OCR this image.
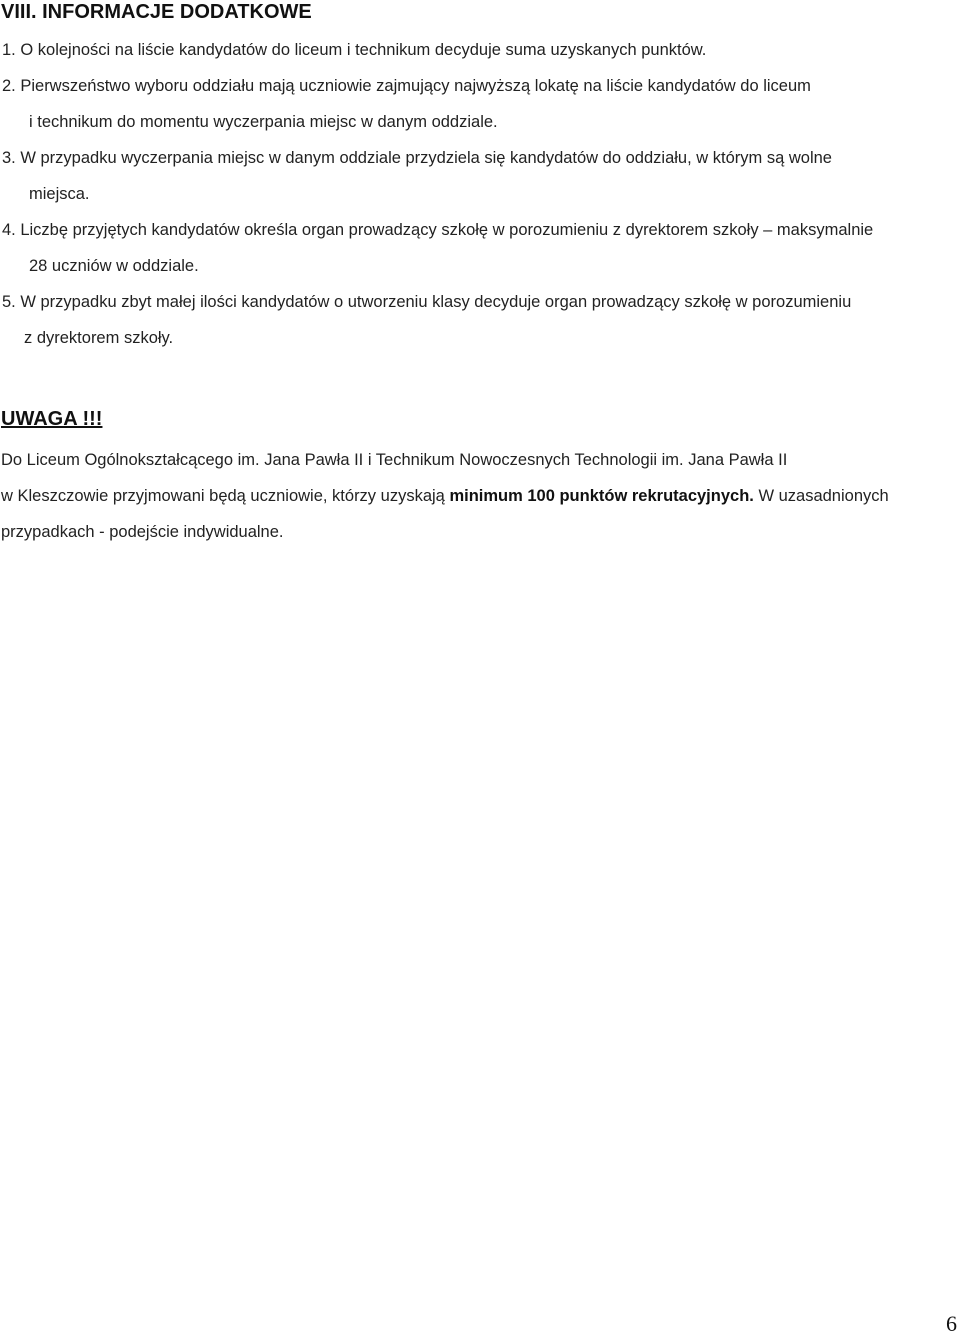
VIII. INFORMACJE DODATKOWE
1. O kolejności na liście kandydatów do liceum i technikum decyduje suma uzyskanych punktów.
2. Pierwszeństwo wyboru oddziału mają uczniowie zajmujący najwyższą lokatę na liście kandydatów do liceum
i technikum do momentu wyczerpania miejsc w danym oddziale.
3. W przypadku wyczerpania miejsc w danym oddziale przydziela się kandydatów do oddziału, w którym są wolne
miejsca.
4. Liczbę przyjętych kandydatów określa organ prowadzący szkołę w porozumieniu z dyrektorem szkoły – maksymalnie
28 uczniów w oddziale.
5. W przypadku zbyt małej ilości kandydatów o utworzeniu klasy decyduje organ prowadzący szkołę w porozumieniu
z dyrektorem szkoły.
UWAGA !!!
Do Liceum Ogólnokształcącego im. Jana Pawła II i Technikum Nowoczesnych Technologii im. Jana Pawła II
w Kleszczowie przyjmowani będą uczniowie, którzy uzyskają minimum 100 punktów rekrutacyjnych. W uzasadnionych
przypadkach - podejście indywidualne.
6
